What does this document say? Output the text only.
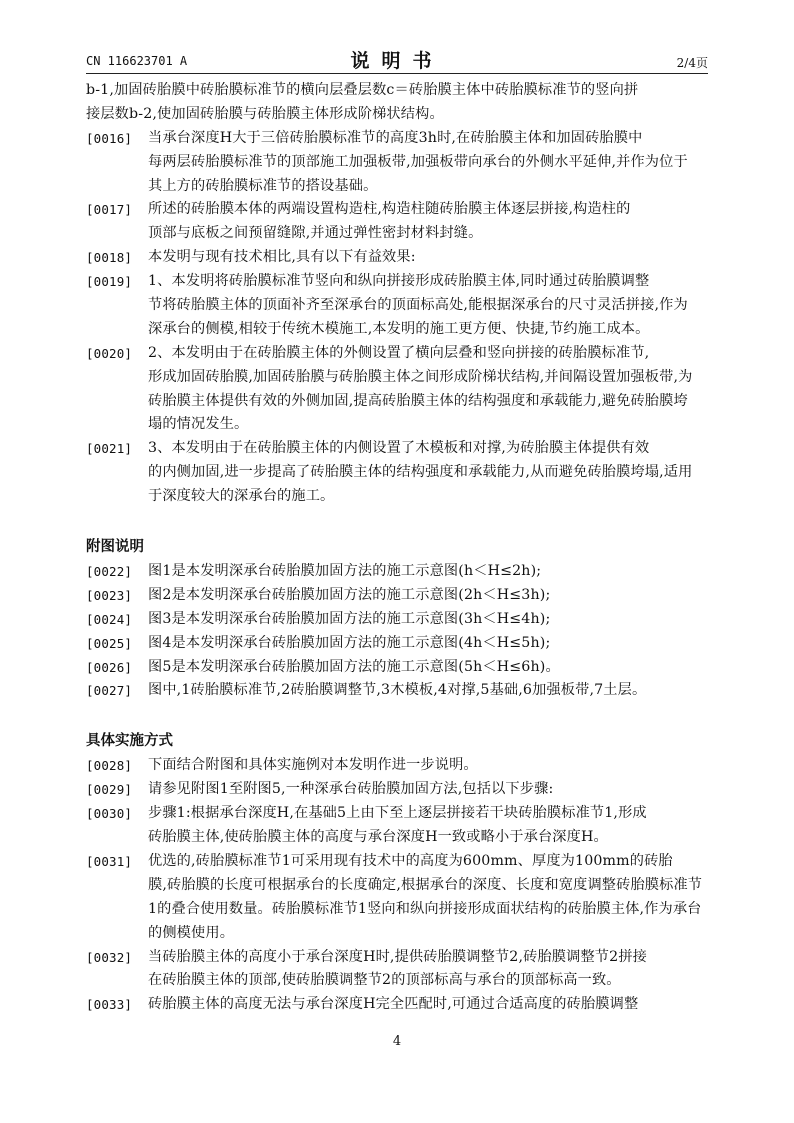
CN 116623701 A	说明书	2/4页
b-1,加固砖胎膜中砖胎膜标准节的横向层叠层数c＝砖胎膜主体中砖胎膜标准节的竖向拼
接层数b-2,使加固砖胎膜与砖胎膜主体形成阶梯状结构。
[0016] 当承台深度H大于三倍砖胎膜标准节的高度3h时,在砖胎膜主体和加固砖胎膜中
每两层砖胎膜标准节的顶部施工加强板带,加强板带向承台的外侧水平延伸,并作为位于
其上方的砖胎膜标准节的搭设基础。
[0017] 所述的砖胎膜本体的两端设置构造柱,构造柱随砖胎膜主体逐层拼接,构造柱的
顶部与底板之间预留缝隙,并通过弹性密封材料封缝。
[0018] 本发明与现有技术相比,具有以下有益效果:
[0019] 1、本发明将砖胎膜标准节竖向和纵向拼接形成砖胎膜主体,同时通过砖胎膜调整
节将砖胎膜主体的顶面补齐至深承台的顶面标高处,能根据深承台的尺寸灵活拼接,作为
深承台的侧模,相较于传统木模施工,本发明的施工更方便、快捷,节约施工成本。
[0020] 2、本发明由于在砖胎膜主体的外侧设置了横向层叠和竖向拼接的砖胎膜标准节,
形成加固砖胎膜,加固砖胎膜与砖胎膜主体之间形成阶梯状结构,并间隔设置加强板带,为
砖胎膜主体提供有效的外侧加固,提高砖胎膜主体的结构强度和承载能力,避免砖胎膜垮
塌的情况发生。
[0021] 3、本发明由于在砖胎膜主体的内侧设置了木模板和对撑,为砖胎膜主体提供有效
的内侧加固,进一步提高了砖胎膜主体的结构强度和承载能力,从而避免砖胎膜垮塌,适用
于深度较大的深承台的施工。
附图说明
[0022] 图1是本发明深承台砖胎膜加固方法的施工示意图(h＜H≤2h);
[0023] 图2是本发明深承台砖胎膜加固方法的施工示意图(2h＜H≤3h);
[0024] 图3是本发明深承台砖胎膜加固方法的施工示意图(3h＜H≤4h);
[0025] 图4是本发明深承台砖胎膜加固方法的施工示意图(4h＜H≤5h);
[0026] 图5是本发明深承台砖胎膜加固方法的施工示意图(5h＜H≤6h)。
[0027] 图中,1砖胎膜标准节,2砖胎膜调整节,3木模板,4对撑,5基础,6加强板带,7土层。
具体实施方式
[0028] 下面结合附图和具体实施例对本发明作进一步说明。
[0029] 请参见附图1至附图5,一种深承台砖胎膜加固方法,包括以下步骤:
[0030] 步骤1:根据承台深度H,在基础5上由下至上逐层拼接若干块砖胎膜标准节1,形成
砖胎膜主体,使砖胎膜主体的高度与承台深度H一致或略小于承台深度H。
[0031] 优选的,砖胎膜标准节1可采用现有技术中的高度为600mm、厚度为100mm的砖胎
膜,砖胎膜的长度可根据承台的长度确定,根据承台的深度、长度和宽度调整砖胎膜标准节
1的叠合使用数量。砖胎膜标准节1竖向和纵向拼接形成面状结构的砖胎膜主体,作为承台
的侧模使用。
[0032] 当砖胎膜主体的高度小于承台深度H时,提供砖胎膜调整节2,砖胎膜调整节2拼接
在砖胎膜主体的顶部,使砖胎膜调整节2的顶部标高与承台的顶部标高一致。
[0033] 砖胎膜主体的高度无法与承台深度H完全匹配时,可通过合适高度的砖胎膜调整
4
